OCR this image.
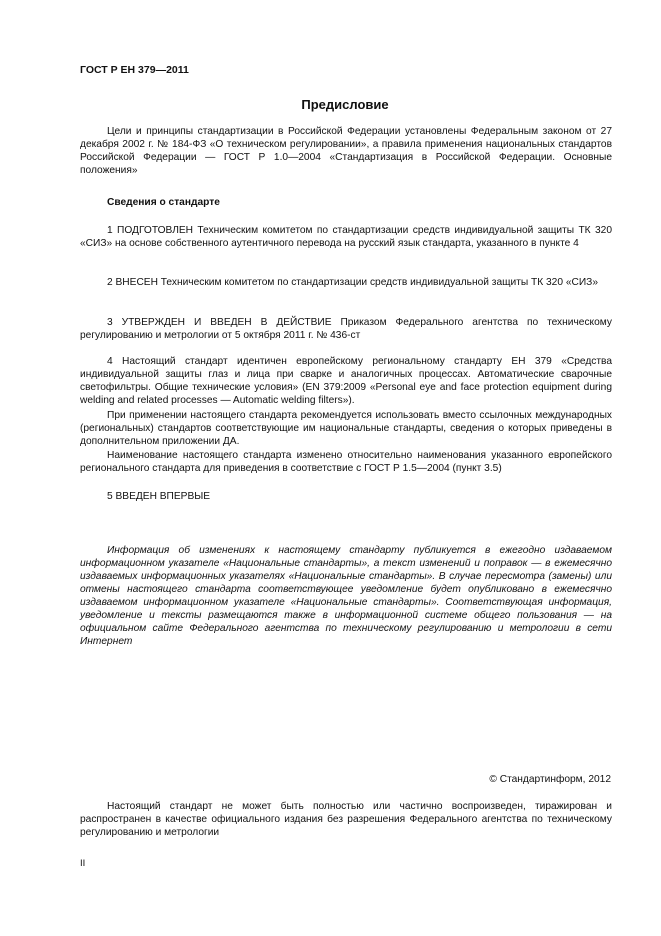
ГОСТ Р ЕН 379—2011
Предисловие

Цели и принципы стандартизации в Российской Федерации установлены Федеральным законом от 27 декабря 2002 г. № 184-ФЗ «О техническом регулировании», а правила применения национальных стандартов Российской Федерации — ГОСТ Р 1.0—2004 «Стандартизация в Российской Федерации. Основные положения»

Сведения о стандарте

1 ПОДГОТОВЛЕН Техническим комитетом по стандартизации средств индивидуальной защиты ТК 320 «СИЗ» на основе собственного аутентичного перевода на русский язык стандарта, указанного в пункте 4

2 ВНЕСЕН Техническим комитетом по стандартизации средств индивидуальной защиты ТК 320 «СИЗ»

3 УТВЕРЖДЕН И ВВЕДЕН В ДЕЙСТВИЕ Приказом Федерального агентства по техническому регулированию и метрологии от 5 октября 2011 г. № 436-ст

4 Настоящий стандарт идентичен европейскому региональному стандарту ЕН 379 «Средства индивидуальной защиты глаз и лица при сварке и аналогичных процессах. Автоматические сварочные светофильтры. Общие технические условия» (EN 379:2009 «Personal eye and face protection equipment during welding and related processes — Automatic welding filters»).

При применении настоящего стандарта рекомендуется использовать вместо ссылочных международных (региональных) стандартов соответствующие им национальные стандарты, сведения о которых приведены в дополнительном приложении ДА.

Наименование настоящего стандарта изменено относительно наименования указанного европейского регионального стандарта для приведения в соответствие с ГОСТ Р 1.5—2004 (пункт 3.5)

5 ВВЕДЕН ВПЕРВЫЕ

Информация об изменениях к настоящему стандарту публикуется в ежегодно издаваемом информационном указателе «Национальные стандарты», а текст изменений и поправок — в ежемесячно издаваемых информационных указателях «Национальные стандарты». В случае пересмотра (замены) или отмены настоящего стандарта соответствующее уведомление будет опубликовано в ежемесячно издаваемом информационном указателе «Национальные стандарты». Соответствующая информация, уведомление и тексты размещаются также в информационной системе общего пользования — на официальном сайте Федерального агентства по техническому регулированию и метрологии в сети Интернет

© Стандартинформ, 2012

Настоящий стандарт не может быть полностью или частично воспроизведен, тиражирован и распространен в качестве официального издания без разрешения Федерального агентства по техническому регулированию и метрологии

II
